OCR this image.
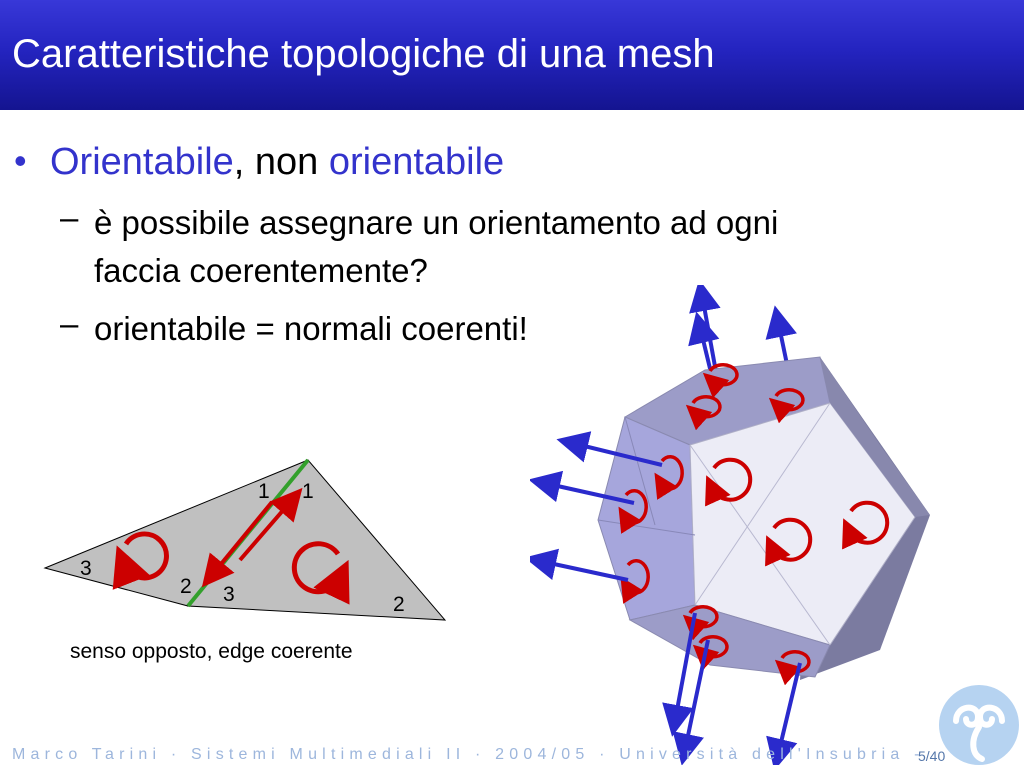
Caratteristiche topologiche di una mesh
• Orientabile, non orientabile
– è possibile assegnare un orientamento ad ogni
faccia coerentemente?
– orientabile = normali coerenti!
1 1
3
2 3	2
senso opposto, edge coerente
Marco Tarini · Sistemi Multimediali II · 2004/05 · Università dell'Insubria -
5/40
